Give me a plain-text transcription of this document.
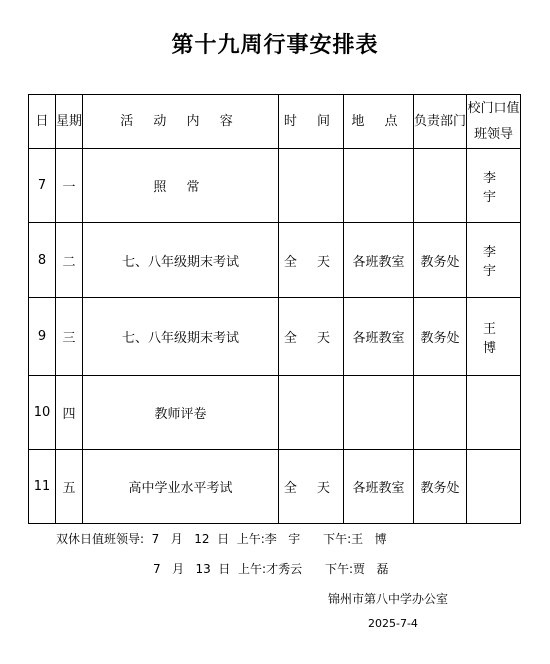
第十九周行事安排表
日	星期	活 动 内 容	时 间	地 点	负责部门	校门口值班领导
7	一	照 常				李 宇
8	二	七、八年级期末考试	全 天	各班教室	教务处	李 宇
9	三	七、八年级期末考试	全 天	各班教室	教务处	王 博
10	四	教师评卷				
11	五	高中学业水平考试	全 天	各班教室	教务处	
双休日值班领导:  7   月   12  日  上午:李   宇      下午:王   博
7   月   13  日  上午:才秀云      下午:贾   磊
锦州市第八中学办公室
2025-7-4
